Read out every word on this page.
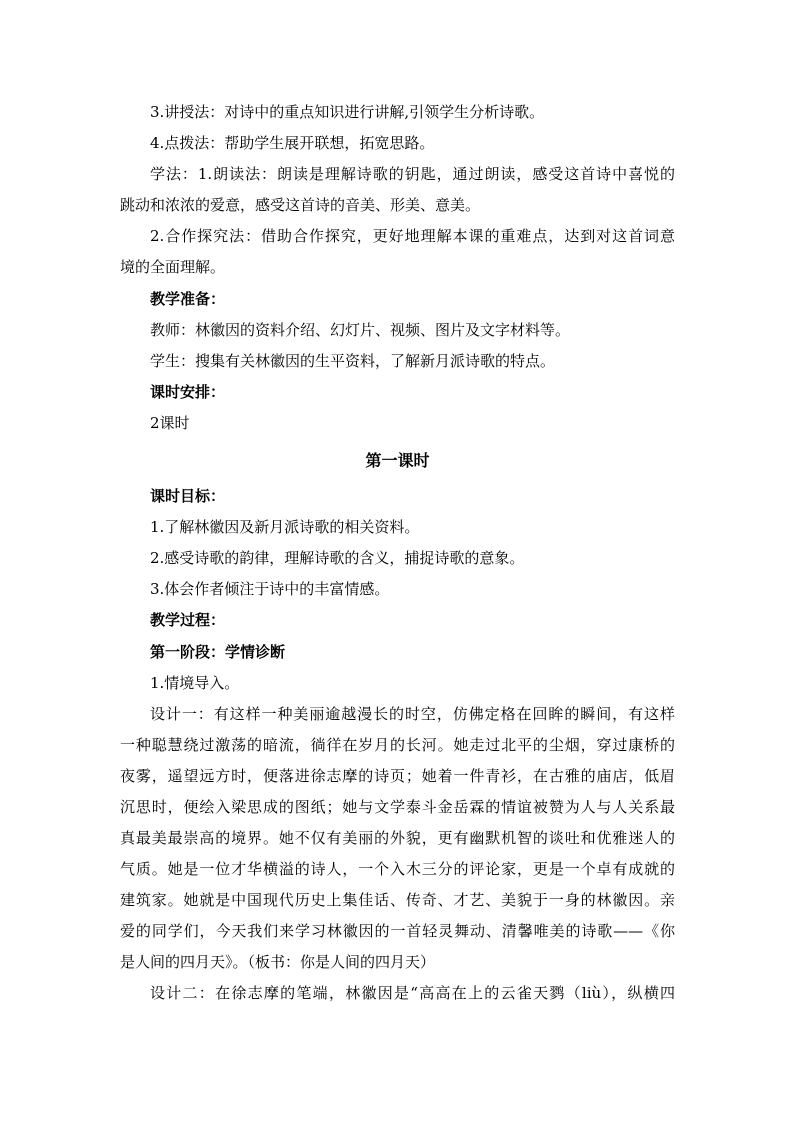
3.讲授法：对诗中的重点知识进行讲解,引领学生分析诗歌。
4.点拨法：帮助学生展开联想，拓宽思路。
学法：1.朗读法：朗读是理解诗歌的钥匙，通过朗读，感受这首诗中喜悦的
跳动和浓浓的爱意，感受这首诗的音美、形美、意美。
2.合作探究法：借助合作探究，更好地理解本课的重难点，达到对这首词意
境的全面理解。
教学准备：
教师：林徽因的资料介绍、幻灯片、视频、图片及文字材料等。
学生：搜集有关林徽因的生平资料，了解新月派诗歌的特点。
课时安排：
2课时
第一课时
课时目标：
1.了解林徽因及新月派诗歌的相关资料。
2.感受诗歌的韵律，理解诗歌的含义，捕捉诗歌的意象。
3.体会作者倾注于诗中的丰富情感。
教学过程：
第一阶段：学情诊断
1.情境导入。
设计一：有这样一种美丽逾越漫长的时空，仿佛定格在回眸的瞬间，有这样
一种聪慧绕过激荡的暗流，徜徉在岁月的长河。她走过北平的尘烟，穿过康桥的
夜雾，遥望远方时，便落进徐志摩的诗页；她着一件青衫，在古雅的庙店，低眉
沉思时，便绘入梁思成的图纸；她与文学泰斗金岳霖的情谊被赞为人与人关系最
真最美最崇高的境界。她不仅有美丽的外貌，更有幽默机智的谈吐和优雅迷人的
气质。她是一位才华横溢的诗人，一个入木三分的评论家，更是一个卓有成就的
建筑家。她就是中国现代历史上集佳话、传奇、才艺、美貌于一身的林徽因。亲
爱的同学们，今天我们来学习林徽因的一首轻灵舞动、清馨唯美的诗歌——《你
是人间的四月天》。（板书：你是人间的四月天）
设计二：在徐志摩的笔端，林徽因是“高高在上的云雀天鹨（liù），纵横四
